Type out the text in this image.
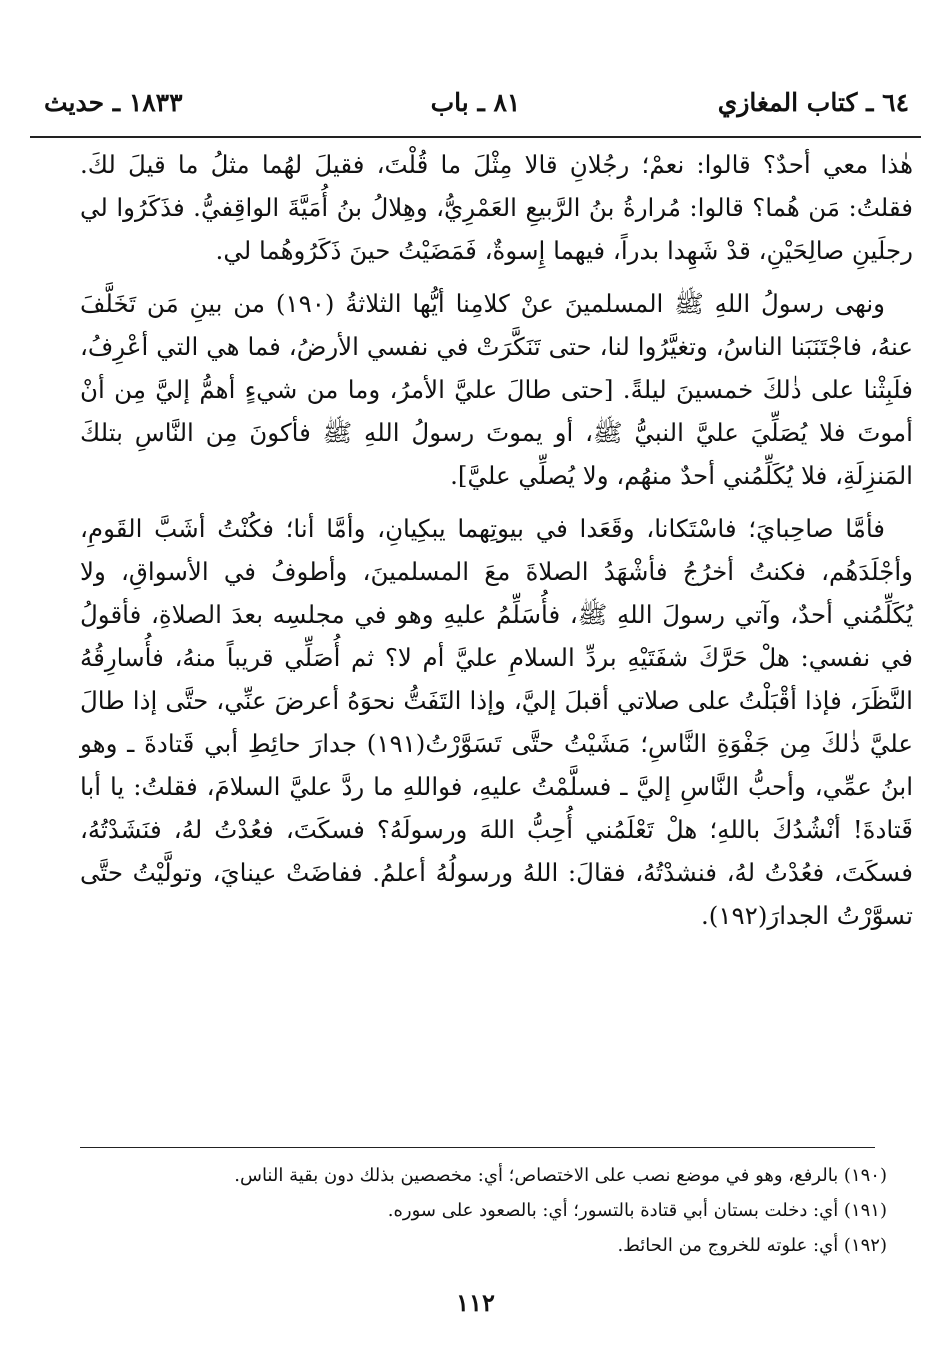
٦٤ ـ كتاب المغازي
٨١ ـ باب
١٨٣٣ ـ حديث

هٰذا معي أحدٌ؟ قالوا: نعمْ؛ رجُلانِ قالا مِثْلَ ما قُلْتَ، فقيلَ لهُما مثلُ ما قيلَ لكَ. فقلتُ: مَن هُما؟ قالوا: مُرارةُ بنُ الرَّبيعِ العَمْرِيُّ، وهِلالُ بنُ أُمَيَّةَ الواقِفيُّ. فذَكَرُوا لي رجلَينِ صالِحَيْنِ، قدْ شَهِدا بدراً، فيهما إِسوةٌ، فَمَضَيْتُ حينَ ذَكَرُوهُما لي.

ونهى رسولُ اللهِ ﷺ المسلمينَ عنْ كلامِنا أيُّها الثلاثةُ (١٩٠) من بينِ مَن تَخَلَّفَ عنهُ، فاجْتَنَبَنا الناسُ، وتغيَّرُوا لنا، حتى تَنَكَّرَتْ في نفسي الأرضُ، فما هي التي أعْرِفُ، فلَبِثْنا على ذٰلكَ خمسينَ ليلةً. [حتى طالَ عليَّ الأمرُ، وما من شيءٍ أهمُّ إليَّ مِن أنْ أموتَ فلا يُصَلِّيَ عليَّ النبيُّ ﷺ، أو يموتَ رسولُ اللهِ ﷺ فأكونَ مِن النَّاسِ بتلكَ المَنزِلَةِ، فلا يُكَلِّمُني أحدٌ منهُم، ولا يُصلِّي عليَّ].

فأمَّا صاحِبايَ؛ فاسْتَكانا، وقَعَدا في بيوتِهما يبكِيانِ، وأمَّا أنا؛ فكُنْتُ أشَبَّ القَومِ، وأجْلَدَهُم، فكنتُ أخرُجُ فأشْهَدُ الصلاةَ معَ المسلمينَ، وأطوفُ في الأسواقِ، ولا يُكَلِّمُني أحدٌ، وآتي رسولَ اللهِ ﷺ، فأُسَلِّمُ عليهِ وهو في مجلسِه بعدَ الصلاةِ، فأقولُ في نفسي: هلْ حَرَّكَ شفَتَيْهِ بردِّ السلامِ عليَّ أم لا؟ ثم أُصَلِّي قريباً منهُ، فأُسارِقُهُ النَّظَرَ، فإذا أقْبَلْتُ على صلاتي أقبلَ إليَّ، وإذا التَفَتُّ نحوَهُ أعرضَ عنِّي، حتَّى إذا طالَ عليَّ ذٰلكَ مِن جَفْوَةِ النَّاسِ؛ مَشَيْتُ حتَّى تَسَوَّرْتُ(١٩١) جدارَ حائِطِ أبي قَتادةَ ـ وهو ابنُ عمِّي، وأحبُّ النَّاسِ إليَّ ـ فسلَّمْتُ عليهِ، فواللهِ ما ردَّ عليَّ السلامَ، فقلتُ: يا أبا قَتادةَ! أنْشُدُكَ باللهِ؛ هلْ تَعْلَمُني أُحِبُّ اللهَ ورسولَهُ؟ فسكَتَ، فعُدْتُ لهُ، فنَشَدْتُهُ، فسكَتَ، فعُدْتُ لهُ، فنشدْتُهُ، فقالَ: اللهُ ورسولُهُ أعلمُ. ففاضَتْ عينايَ، وتولَّيْتُ حتَّى تسوَّرْتُ الجدارَ(١٩٢).

(١٩٠) بالرفع، وهو في موضع نصب على الاختصاص؛ أي: مخصصين بذلك دون بقية الناس.

(١٩١) أي: دخلت بستان أبي قتادة بالتسور؛ أي: بالصعود على سوره.

(١٩٢) أي: علوته للخروج من الحائط.

١١٢
